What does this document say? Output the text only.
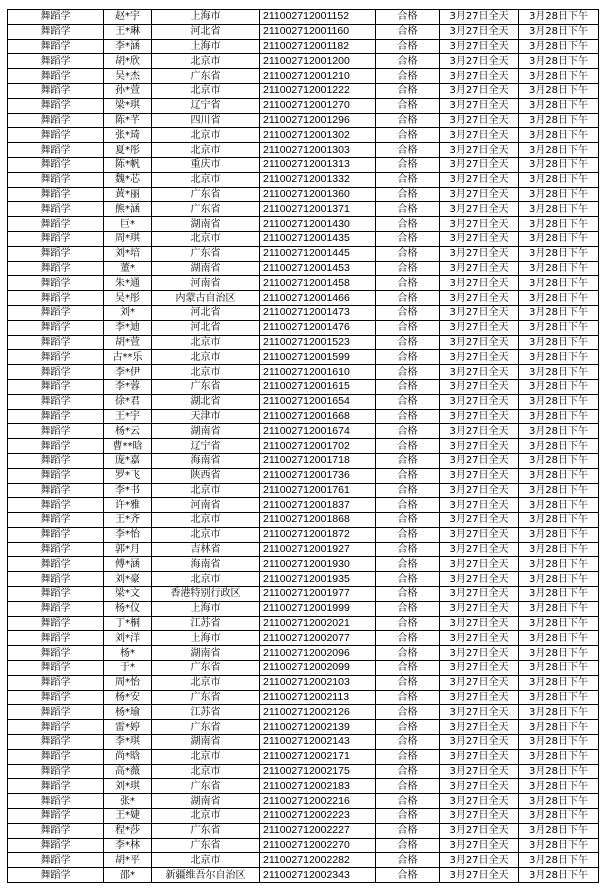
舞蹈学	赵*宇	上海市	211002712001152	合格	3月27日全天	3月28日下午
舞蹈学	王*琳	河北省	211002712001160	合格	3月27日全天	3月28日下午
舞蹈学	李*涵	上海市	211002712001182	合格	3月27日全天	3月28日下午
舞蹈学	胡*欣	北京市	211002712001200	合格	3月27日全天	3月28日下午
舞蹈学	吴*杰	广东省	211002712001210	合格	3月27日全天	3月28日下午
舞蹈学	孙*萱	北京市	211002712001222	合格	3月27日全天	3月28日下午
舞蹈学	梁*琪	辽宁省	211002712001270	合格	3月27日全天	3月28日下午
舞蹈学	陈*芊	四川省	211002712001296	合格	3月27日全天	3月28日下午
舞蹈学	张*琦	北京市	211002712001302	合格	3月27日全天	3月28日下午
舞蹈学	夏*彤	北京市	211002712001303	合格	3月27日全天	3月28日下午
舞蹈学	陈*帆	重庆市	211002712001313	合格	3月27日全天	3月28日下午
舞蹈学	魏*芯	北京市	211002712001332	合格	3月27日全天	3月28日下午
舞蹈学	黄*丽	广东省	211002712001360	合格	3月27日全天	3月28日下午
舞蹈学	熊*涵	广东省	211002712001371	合格	3月27日全天	3月28日下午
舞蹈学	巨*	湖南省	211002712001430	合格	3月27日全天	3月28日下午
舞蹈学	周*琪	北京市	211002712001435	合格	3月27日全天	3月28日下午
舞蹈学	刘*培	广东省	211002712001445	合格	3月27日全天	3月28日下午
舞蹈学	董*	湖南省	211002712001453	合格	3月27日全天	3月28日下午
舞蹈学	朱*通	河南省	211002712001458	合格	3月27日全天	3月28日下午
舞蹈学	吴*彤	内蒙古自治区	211002712001466	合格	3月27日全天	3月28日下午
舞蹈学	刘*	河北省	211002712001473	合格	3月27日全天	3月28日下午
舞蹈学	李*迪	河北省	211002712001476	合格	3月27日全天	3月28日下午
舞蹈学	胡*萱	北京市	211002712001523	合格	3月27日全天	3月28日下午
舞蹈学	古**乐	北京市	211002712001599	合格	3月27日全天	3月28日下午
舞蹈学	李*伊	北京市	211002712001610	合格	3月27日全天	3月28日下午
舞蹈学	李*蓉	广东省	211002712001615	合格	3月27日全天	3月28日下午
舞蹈学	徐*君	湖北省	211002712001654	合格	3月27日全天	3月28日下午
舞蹈学	王*宇	天津市	211002712001668	合格	3月27日全天	3月28日下午
舞蹈学	杨*云	湖南省	211002712001674	合格	3月27日全天	3月28日下午
舞蹈学	曹**晗	辽宁省	211002712001702	合格	3月27日全天	3月28日下午
舞蹈学	庞*嘉	海南省	211002712001718	合格	3月27日全天	3月28日下午
舞蹈学	罗*飞	陕西省	211002712001736	合格	3月27日全天	3月28日下午
舞蹈学	李*书	北京市	211002712001761	合格	3月27日全天	3月28日下午
舞蹈学	许*雅	河南省	211002712001837	合格	3月27日全天	3月28日下午
舞蹈学	王*齐	北京市	211002712001868	合格	3月27日全天	3月28日下午
舞蹈学	李*怡	北京市	211002712001872	合格	3月27日全天	3月28日下午
舞蹈学	郭*月	吉林省	211002712001927	合格	3月27日全天	3月28日下午
舞蹈学	傅*涵	海南省	211002712001930	合格	3月27日全天	3月28日下午
舞蹈学	刘*豪	北京市	211002712001935	合格	3月27日全天	3月28日下午
舞蹈学	梁*文	香港特别行政区	211002712001977	合格	3月27日全天	3月28日下午
舞蹈学	杨*仪	上海市	211002712001999	合格	3月27日全天	3月28日下午
舞蹈学	丁*桐	江苏省	211002712002021	合格	3月27日全天	3月28日下午
舞蹈学	刘*洋	上海市	211002712002077	合格	3月27日全天	3月28日下午
舞蹈学	杨*	湖南省	211002712002096	合格	3月27日全天	3月28日下午
舞蹈学	于*	广东省	211002712002099	合格	3月27日全天	3月28日下午
舞蹈学	周*怡	北京市	211002712002103	合格	3月27日全天	3月28日下午
舞蹈学	杨*安	广东省	211002712002113	合格	3月27日全天	3月28日下午
舞蹈学	杨*瑜	江苏省	211002712002126	合格	3月27日全天	3月28日下午
舞蹈学	雷*婷	广东省	211002712002139	合格	3月27日全天	3月28日下午
舞蹈学	李*琪	湖南省	211002712002143	合格	3月27日全天	3月28日下午
舞蹈学	尚*晗	北京市	211002712002171	合格	3月27日全天	3月28日下午
舞蹈学	高*薇	北京市	211002712002175	合格	3月27日全天	3月28日下午
舞蹈学	刘*琪	广东省	211002712002183	合格	3月27日全天	3月28日下午
舞蹈学	张*	湖南省	211002712002216	合格	3月27日全天	3月28日下午
舞蹈学	王*婕	北京市	211002712002223	合格	3月27日全天	3月28日下午
舞蹈学	程*莎	广东省	211002712002227	合格	3月27日全天	3月28日下午
舞蹈学	李*林	广东省	211002712002270	合格	3月27日全天	3月28日下午
舞蹈学	胡*平	北京市	211002712002282	合格	3月27日全天	3月28日下午
舞蹈学	邵*	新疆维吾尔自治区	211002712002343	合格	3月27日全天	3月28日下午
